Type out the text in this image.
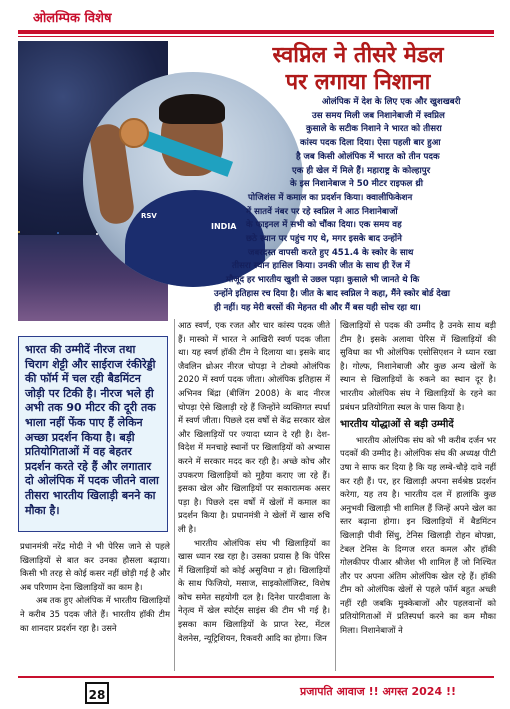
ओलम्पिक विशेष
स्वप्निल ने तीसरे मेडल
पर लगाया निशाना
INDIA
RSV
ओलंपिक में देश के लिए एक और खुशखबरी
उस समय मिली जब निशानेबाजी में स्वप्निल
कुसाले के सटीक निशाने ने भारत को तीसरा
कांस्य पदक दिला दिया। ऐसा पहली बार हुआ
है जब किसी ओलंपिक में भारत को तीन पदक
एक ही खेल में मिले हैं। महाराष्ट्र के कोल्हापुर
के इस निशानेबाज ने 50 मीटर राइफल थ्री
पोजिशंस में कमाल का प्रदर्शन किया। क्वालीफिकेशन
में सातवें नंबर पर रहे स्वप्निल ने आठ निशानेबाजों
के फाइनल में सभी को चौंका दिया। एक समय वह
छठे स्थान पर पहुंच गए थे, मगर इसके बाद उन्होंने
जबरदस्त वापसी करते हुए 451.4 के स्कोर के साथ
तीसरा स्थान हासिल किया। उनकी जीत के साथ ही रेंज में
मौजूद हर भारतीय खुशी से उछल पड़ा। कुसाले भी जानते थे कि
उन्होंने इतिहास रच दिया है। जीत के बाद स्वप्निल ने कहा, मैंने स्कोर बोर्ड देखा
ही नहीं। यह मेरी बरसों की मेहनत थी और मैं बस यही सोच रहा था।

भारत की उम्मीदें नीरज तथा चिराग शेट्टी और साईराज रंकीरेड्डी की फॉर्म में चल रही बैडमिंटन जोड़ी पर टिकी है। नीरज भले ही अभी तक 90 मीटर की दूरी तक भाला नहीं फेंक पाए हैं लेकिन अच्छा प्रदर्शन किया है। बड़ी प्रतियोगिताओं में वह बेहतर प्रदर्शन करते रहे हैं और लगातार दो ओलंपिक में पदक जीतने वाला तीसरा भारतीय खिलाड़ी बनने का मौका है।

प्रधानमंत्री नरेंद्र मोदी ने भी पेरिस जाने से पहले खिलाड़ियों से बात कर उनका हौसला बढ़ाया। किसी भी तरह से कोई कसर नहीं छोड़ी गई है और अब परिणाम देना खिलाड़ियों का काम है।

अब तक हुए ओलंपिक में भारतीय खिलाड़ियों ने करीब 35 पदक जीते हैं। भारतीय हॉकी टीम का शानदार प्रदर्शन रहा है। उसने

आठ स्वर्ण, एक रजत और चार कांस्य पदक जीते हैं। मास्को में भारत ने आखिरी स्वर्ण पदक जीता था। यह स्वर्ण हॉकी टीम ने दिलाया था। इसके बाद जैवलिन थ्रोअर नीरज चोपड़ा ने टोक्यो ओलंपिक 2020 में स्वर्ण पदक जीता। ओलंपिक इतिहास में अभिनव बिंद्रा (बीजिंग 2008) के बाद नीरज चोपड़ा ऐसे खिलाड़ी रहे हैं जिन्होंने व्यक्तिगत स्पर्धा में स्वर्ण जीता। पिछले दस वर्षों से केंद्र सरकार खेल और खिलाड़ियों पर ज्यादा ध्यान दे रही है। देश-विदेश में मनचाहे स्थानों पर खिलाड़ियों को अभ्यास करने में सरकार मदद कर रही है। अच्छे कोच और उपकरण खिलाड़ियों को मुहैया कराए जा रहे हैं। इसका खेल और खिलाड़ियों पर सकारात्मक असर पड़ा है। पिछले दस वर्षों में खेलों में कमाल का प्रदर्शन किया है। प्रधानमंत्री ने खेलों में खास रुचि ली है।

भारतीय ओलंपिक संघ भी खिलाड़ियों का खास ध्यान रख रहा है। उसका प्रयास है कि पेरिस में खिलाड़ियों को कोई असुविधा न हो। खिलाड़ियों के साथ फिजियो, मसाज, साइकोलॉजिस्ट, विशेष कोच समेत सहयोगी दल है। दिनेश पारदीवाला के नेतृत्व में खेल स्पोर्ट्स साइंस की टीम भी गई है। इसका काम खिलाड़ियों के प्राप्त रेस्ट, मेंटल वेलनेस, न्यूट्रिशियन, रिकवरी आदि का होगा। जिन

खिलाड़ियों से पदक की उम्मीद है उनके साथ बड़ी टीम है। इसके अलावा पेरिस में खिलाड़ियों की सुविधा का भी ओलंपिक एसोसिएशन ने ध्यान रखा है। गोल्फ, निशानेबाजी और कुछ अन्य खेलों के स्थान से खिलाड़ियों के रुकने का स्थान दूर है। भारतीय ओलंपिक संघ ने खिलाड़ियों के रहने का प्रबंधन प्रतियोगिता स्थल के पास किया है।

भारतीय योद्धाओं से बड़ी उम्मीदें

भारतीय ओलंपिक संघ को भी करीब दर्जन भर पदकों की उम्मीद है। ओलंपिक संघ की अध्यक्ष पीटी उषा ने साफ कर दिया है कि यह लम्बे-चौड़े दावे नहीं कर रही हैं। पर, हर खिलाड़ी अपना सर्वश्रेष्ठ प्रदर्शन करेगा, यह तय है। भारतीय दल में हालांकि कुछ अनुभवी खिलाड़ी भी शामिल हैं जिन्हें अपने खेल का स्तर बढ़ाना होगा। इन खिलाड़ियों में बैडमिंटन खिलाड़ी पीवी सिंधु, टेनिस खिलाड़ी रोहन बोपन्ना, टेबल टेनिस के दिग्गज शरत कमल और हॉकी गोलकीपर पीआर श्रीजेश भी शामिल हैं जो निश्चित तौर पर अपना अंतिम ओलंपिक खेल रहे हैं। हॉकी टीम को ओलंपिक खेलों से पहले फॉर्म बहुत अच्छी नहीं रही जबकि मुक्केबाजों और पहलवानों को प्रतियोगिताओं में प्रतिस्पर्धा करने का कम मौका मिला। निशानेबाजों ने

28	प्रजापति आवाज !! अगस्त 2024 !!
